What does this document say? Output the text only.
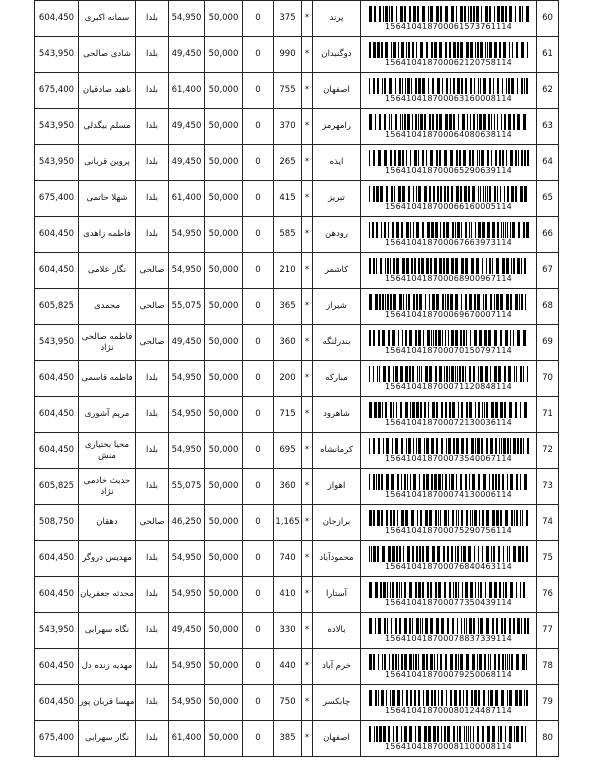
604,450	سمانه اکبری	بلدا	54,950	50,000	0	375	*	پرند	156410418700061573761114	60
543,950	شادی صالحی	بلدا	49,450	50,000	0	990	*	دوگنبدان	156410418700062120758114	61
675,400	ناهید صادقیان	بلدا	61,400	50,000	0	755	*	اصفهان	156410418700063160008114	62
543,950	مسلم بیگدلی	بلدا	49,450	50,000	0	370	*	رامهرمز	156410418700064080638114	63
543,950	پروین قربانی	بلدا	49,450	50,000	0	265	*	ایذه	156410418700065290639114	64
675,400	شهلا حاتمی	بلدا	61,400	50,000	0	415	*	تبریز	156410418700066160005114	65
604,450	فاطمه زاهدی	بلدا	54,950	50,000	0	585	*	رودهن	156410418700067663973114	66
604,450	نگار علامی	صالحی	54,950	50,000	0	210	*	کاشمر	156410418700068900967114	67
605,825	محمدی	صالحی	55,075	50,000	0	365	*	شیراز	156410418700069670007114	68
543,950	فاطمه صالحی نژاد	صالحی	49,450	50,000	0	360	*	بندرلنگه	156410418700070150797114	69
604,450	فاطمه قاسمی	بلدا	54,950	50,000	0	200	*	مبارکه	156410418700071120848114	70
604,450	مریم آشوری	بلدا	54,950	50,000	0	715	*	شاهرود	156410418700072130036114	71
604,450	محیا بختیاری منش	بلدا	54,950	50,000	0	695	*	کرمانشاه	156410418700073540067114	72
605,825	حدیث خادمی نژاد	بلدا	55,075	50,000	0	360	*	اهواز	156410418700074130006114	73
508,750	دهقان	صالحی	46,250	50,000	0	1,165	*	برازجان	156410418700075290756114	74
604,450	مهدیس دروگر	بلدا	54,950	50,000	0	740	*	محمودآباد	156410418700076840463114	75
604,450	محدثه جعفریان	بلدا	54,950	50,000	0	410	*	آستارا	156410418700077350439114	76
543,950	نگاه سهرابی	بلدا	49,450	50,000	0	330	*	بالاده	156410418700078837339114	77
604,450	مهدیه زنده دل	بلدا	54,950	50,000	0	440	*	خرم آباد	156410418700079250068114	78
604,450	مهسا قربان پور	بلدا	54,950	50,000	0	750	*	چابکسر	156410418700080124487114	79
675,400	نگار سهرابی	بلدا	61,400	50,000	0	385	*	اصفهان	156410418700081100008114	80
